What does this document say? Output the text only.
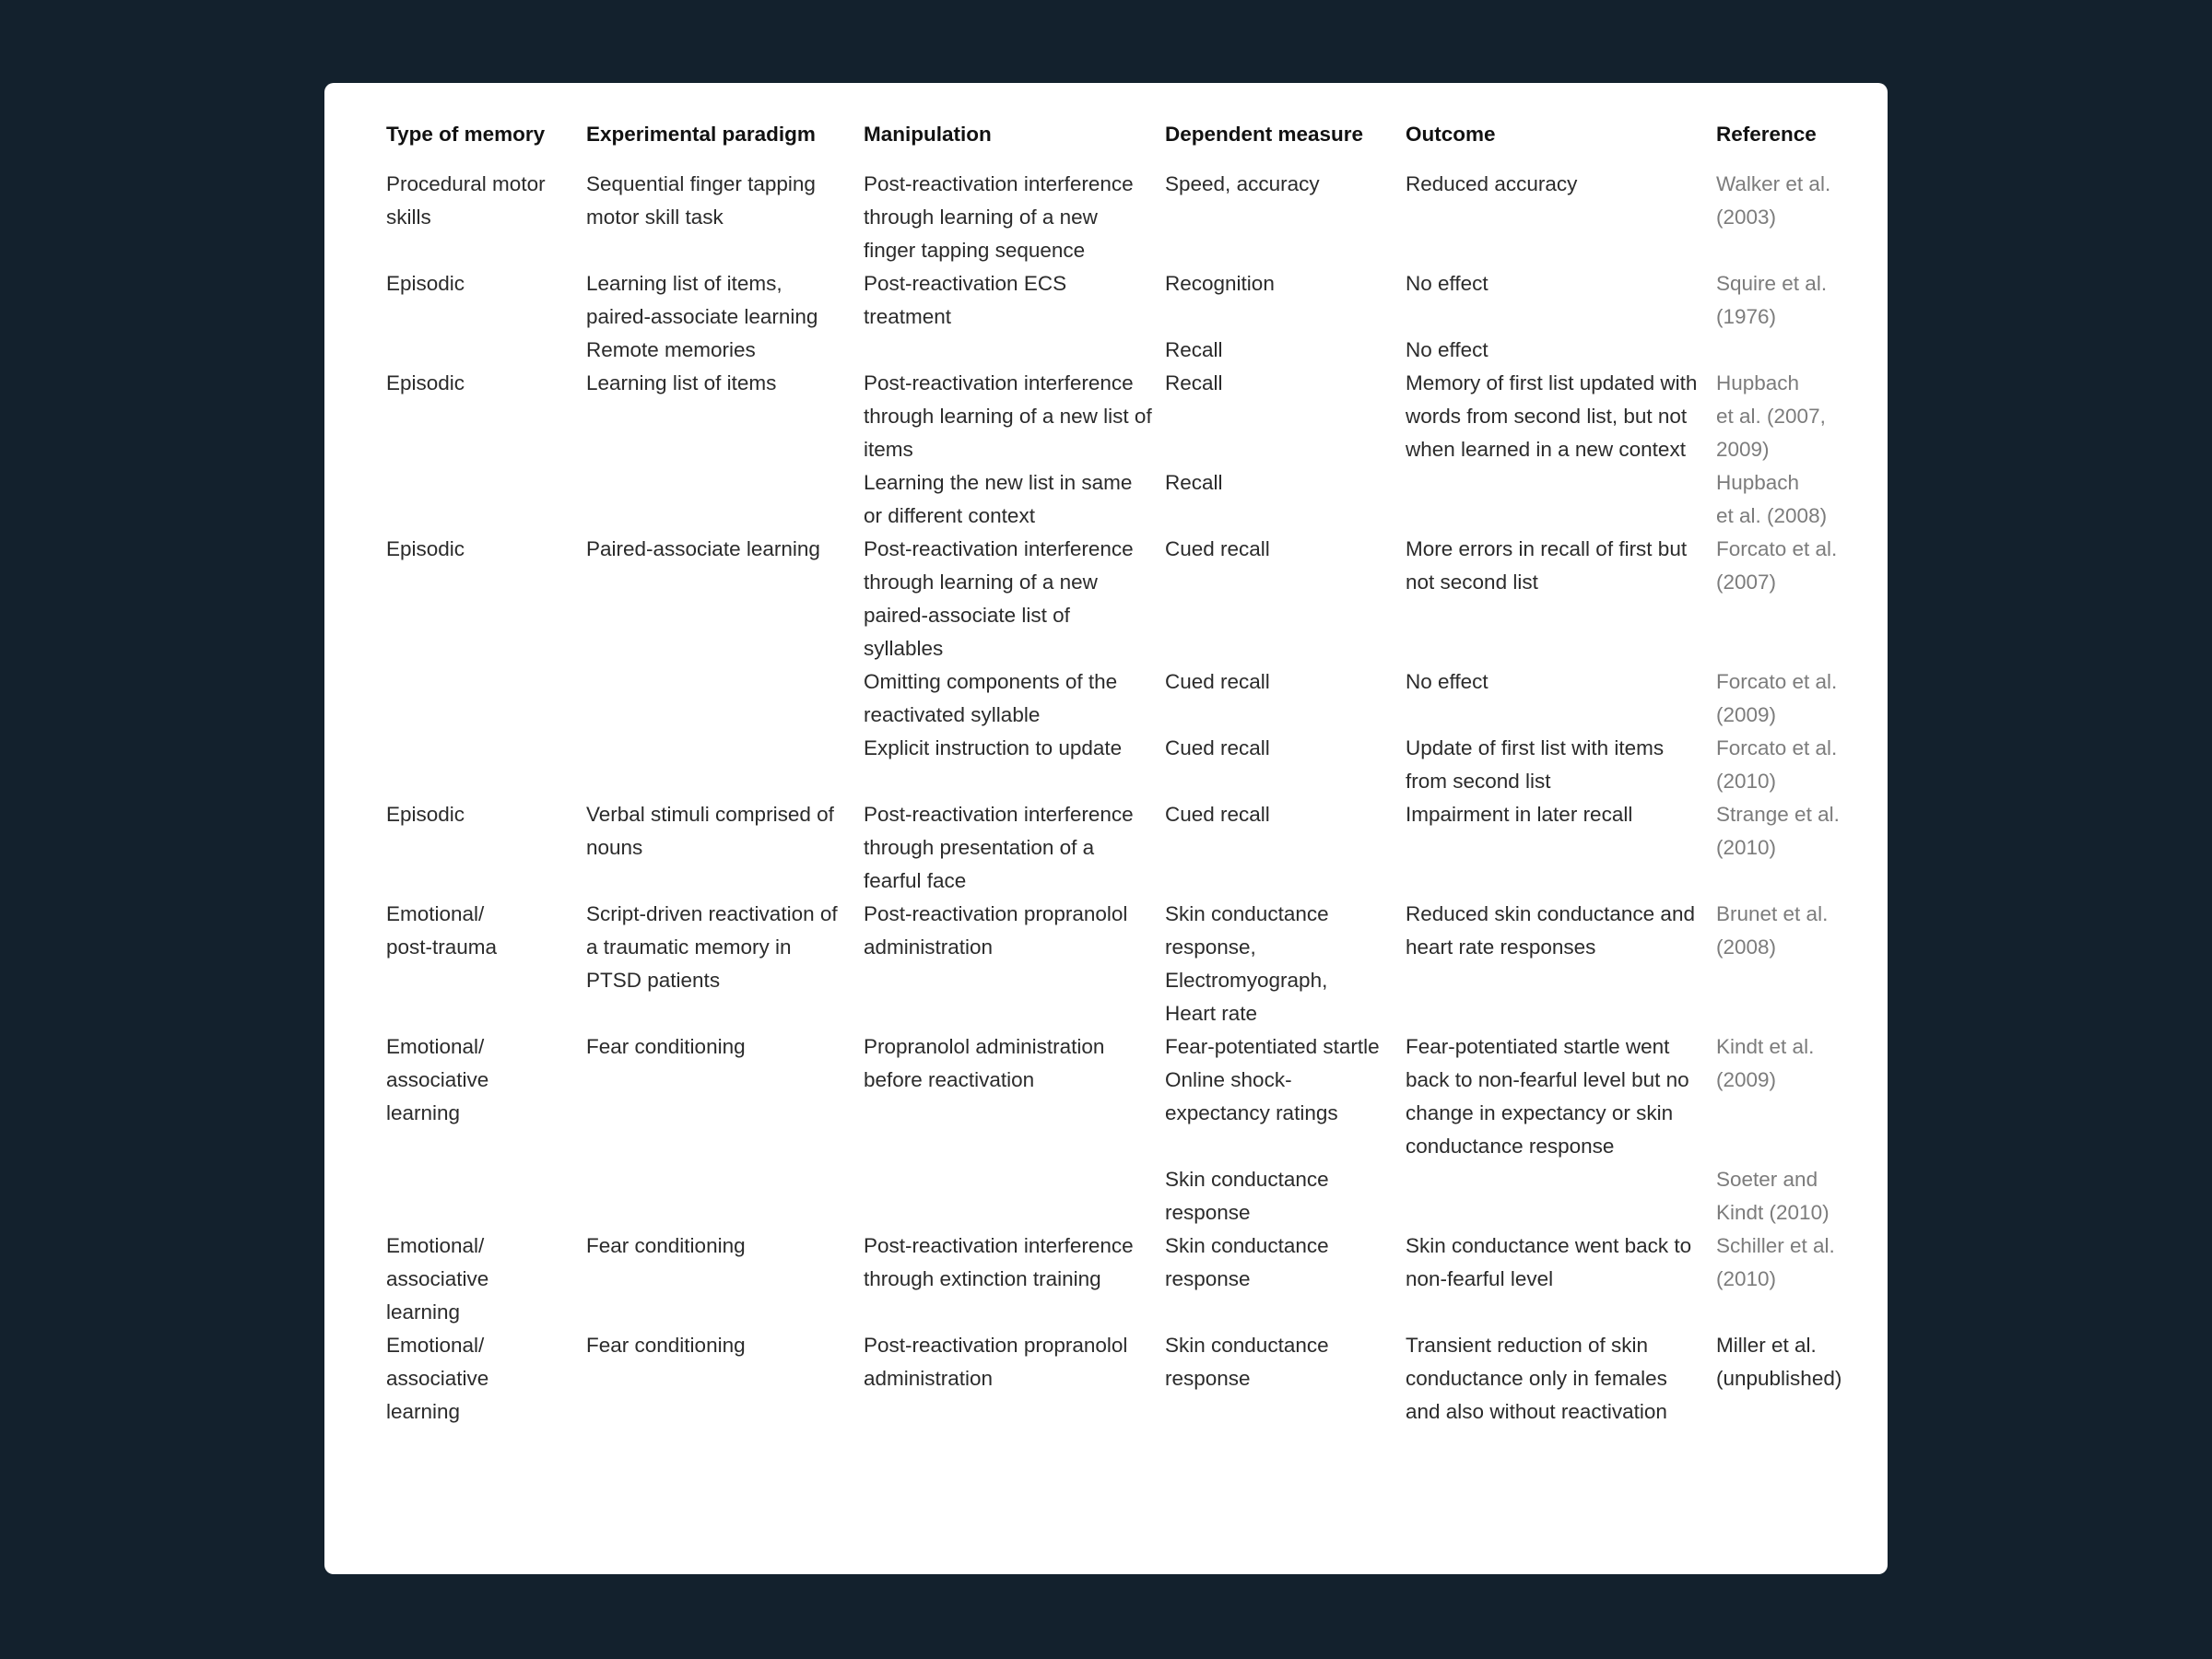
Type of memory	Experimental paradigm	Manipulation	Dependent measure	Outcome	Reference

Procedural motor skills	Sequential finger tapping motor skill task	Post-reactivation interference through learning of a new finger tapping sequence	Speed, accuracy	Reduced accuracy	Walker et al.
(2003)

Episodic	Learning list of items, paired-associate learning	Post-reactivation ECS treatment	Recognition	No effect	Squire et al.
(1976)

	Remote memories		Recall	No effect	

Episodic	Learning list of items	Post-reactivation interference through learning of a new list of items	Recall	Memory of first list updated with words from second list, but not when learned in a new context	Hupbach
et al. (2007,
2009)

		Learning the new list in same or different context	Recall		Hupbach
et al. (2008)

Episodic	Paired-associate learning	Post-reactivation interference through learning of a new paired-associate list of syllables	Cued recall	More errors in recall of first but not second list	Forcato et al.
(2007)

		Omitting components of the reactivated syllable	Cued recall	No effect	Forcato et al.
(2009)

		Explicit instruction to update	Cued recall	Update of first list with items from second list	Forcato et al.
(2010)

Episodic	Verbal stimuli comprised of nouns	Post-reactivation interference through presentation of a fearful face	Cued recall	Impairment in later recall	Strange et al.
(2010)

Emotional/
post-trauma	Script-driven reactivation of a traumatic memory in PTSD patients	Post-reactivation propranolol administration	Skin conductance response,
Electromyograph,
Heart rate	Reduced skin conductance and heart rate responses	Brunet et al.
(2008)

Emotional/
associative
learning	Fear conditioning	Propranolol administration before reactivation	Fear-potentiated startle Online shock-expectancy ratings	Fear-potentiated startle went back to non-fearful level but no change in expectancy or skin conductance response	Kindt et al.
(2009)

			Skin conductance response		Soeter and
Kindt (2010)

Emotional/
associative
learning	Fear conditioning	Post-reactivation interference through extinction training	Skin conductance response	Skin conductance went back to non-fearful level	Schiller et al.
(2010)

Emotional/
associative
learning	Fear conditioning	Post-reactivation propranolol administration	Skin conductance response	Transient reduction of skin conductance only in females and also without reactivation	Miller et al.
(unpublished)
